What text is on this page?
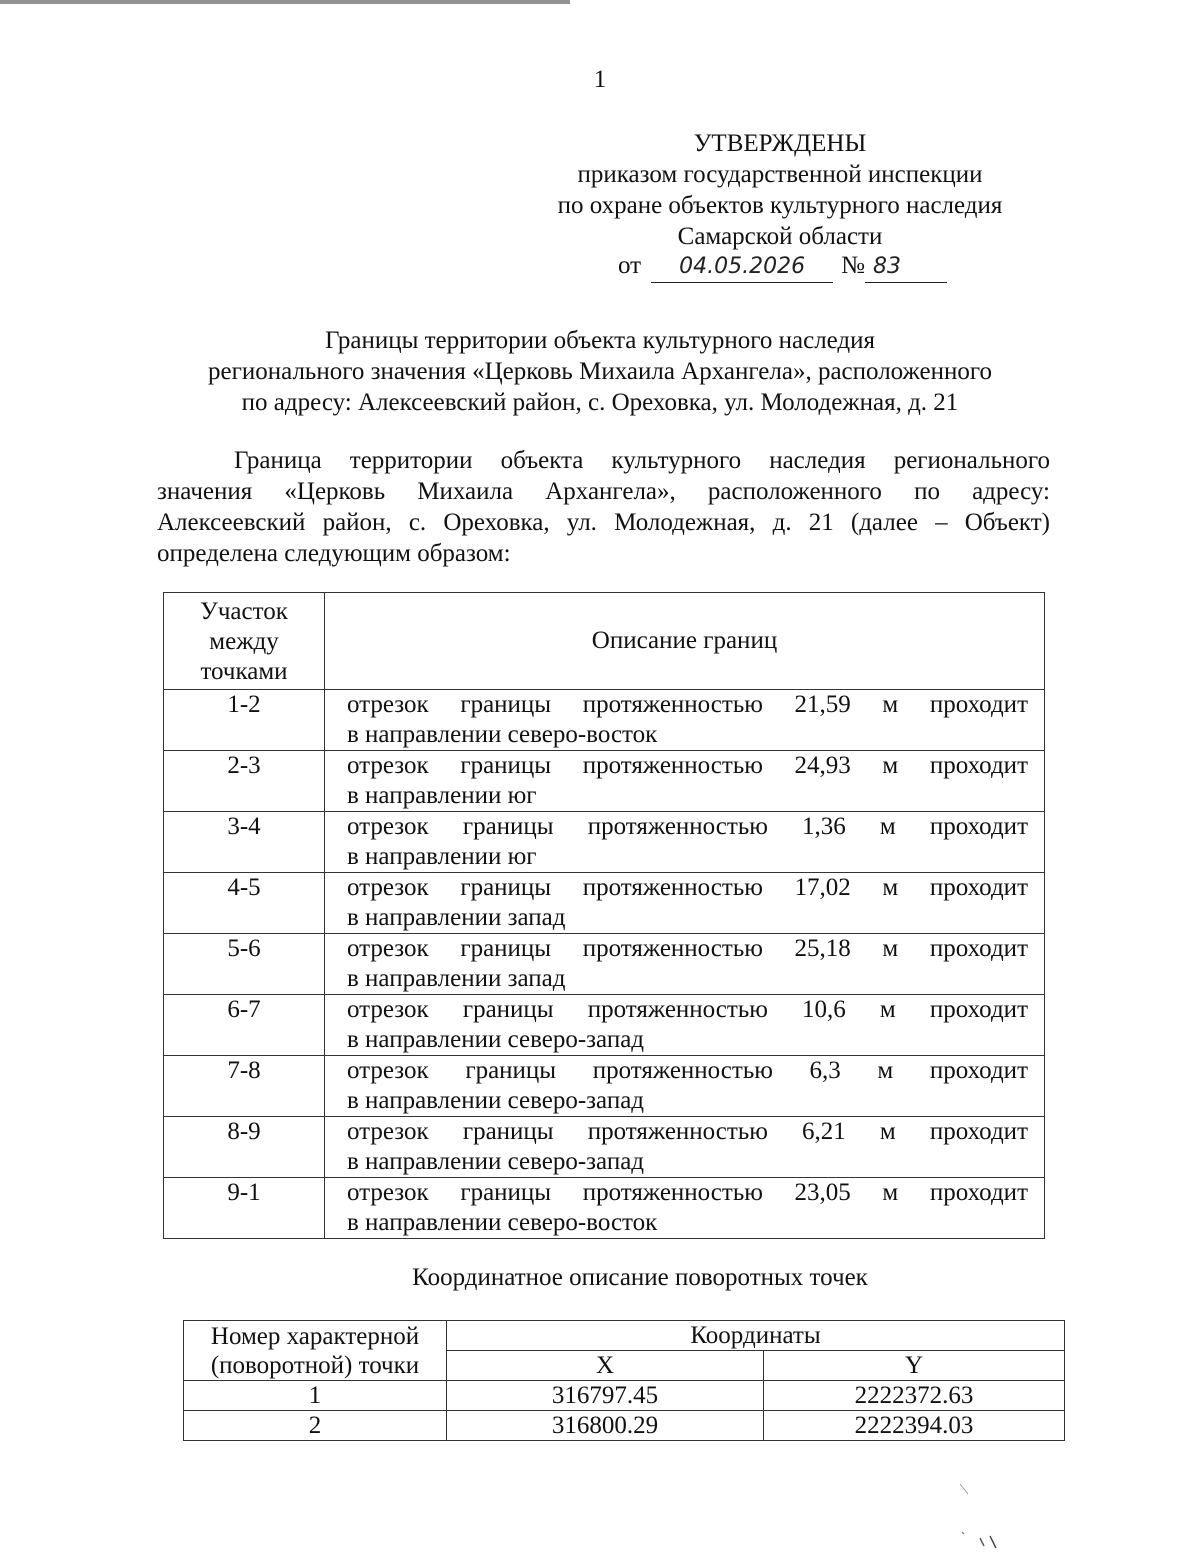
1
УТВЕРЖДЕНЫ
приказом государственной инспекции
по охране объектов культурного наследия
Самарской области
от 04.05.2026 № 83
Границы территории объекта культурного наследия
регионального значения «Церковь Михаила Архангела», расположенного
по адресу: Алексеевский район, с. Ореховка, ул. Молодежная, д. 21
Граница территории объекта культурного наследия регионального
значения «Церковь Михаила Архангела», расположенного по адресу:
Алексеевский район, с. Ореховка, ул. Молодежная, д. 21 (далее – Объект)
определена следующим образом:
Участок
между
точками	Описание границ
1-2	отрезок границы протяженностью 21,59 м проходит
в направлении северо-восток

2-3	отрезок границы протяженностью 24,93 м проходит
в направлении юг

3-4	отрезок границы протяженностью 1,36 м проходит
в направлении юг

4-5	отрезок границы протяженностью 17,02 м проходит
в направлении запад

5-6	отрезок границы протяженностью 25,18 м проходит
в направлении запад

6-7	отрезок границы протяженностью 10,6 м проходит
в направлении северо-запад

7-8	отрезок границы протяженностью 6,3 м проходит
в направлении северо-запад

8-9	отрезок границы протяженностью 6,21 м проходит
в направлении северо-запад

9-1	отрезок границы протяженностью 23,05 м проходит
в направлении северо-восток
Координатное описание поворотных точек
Номер характерной
(поворотной) точки	Координаты	
	X	Y
1	316797.45	2222372.63
2	316800.29	2222394.03
